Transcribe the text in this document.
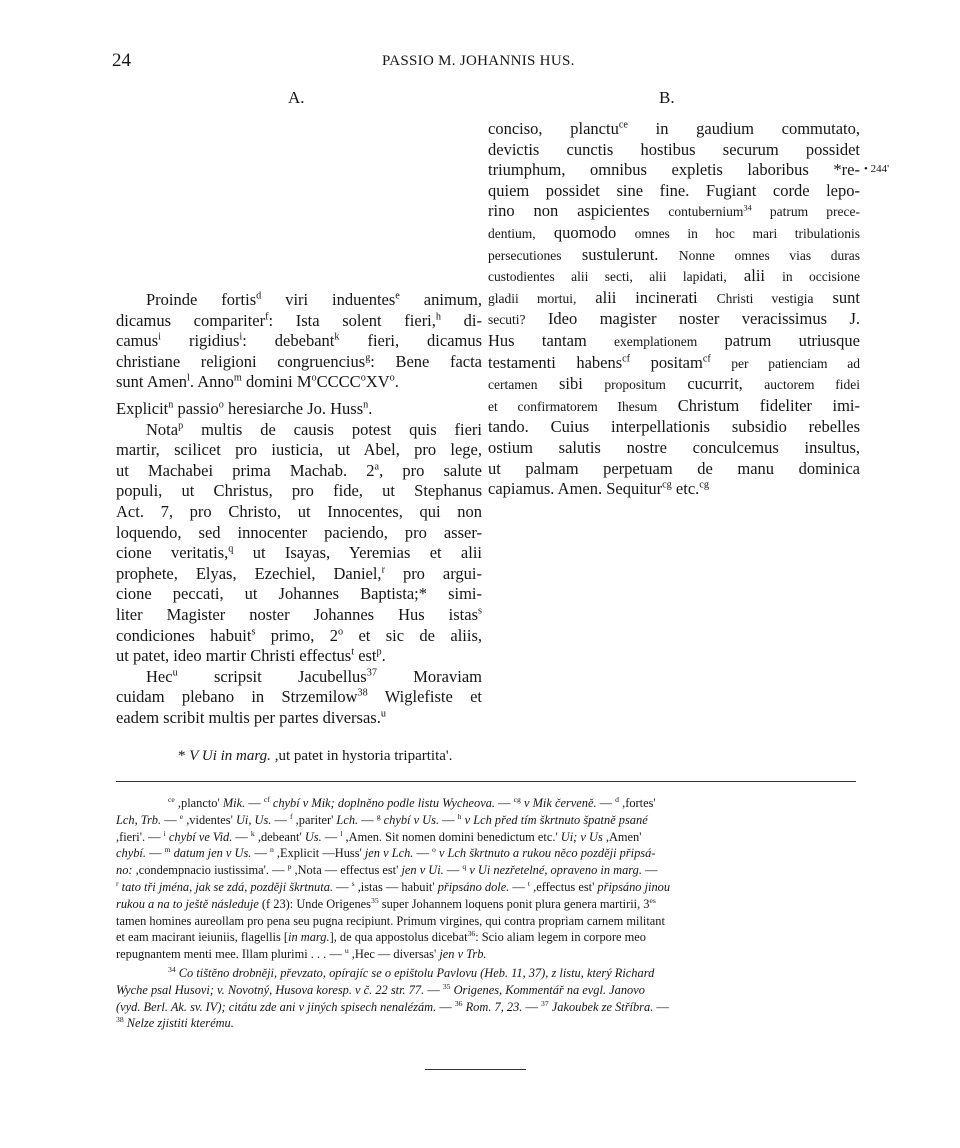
24	PASSIO M. JOHANNIS HUS.
A.	B.
Proinde fortis$^d$ viri induentes$^e$ animum,
dicamus compariter$^f$: Ista solent fieri,$^h$ di-
camus$^i$ rigidius$^i$: debebant$^k$ fieri, dicamus
christiane religioni congruencius$^g$: Bene facta
sunt Amen$^l$. Anno$^m$ domini $M^oCCCC^oXV^o$.
Explicit$^n$ passio$^o$ heresiarche Jo. Huss$^n$.
Nota$^p$ multis de causis potest quis fieri
martir, scilicet pro iusticia, ut Abel, pro lege,
ut Machabei prima Machab. 2$^a$, pro salute
populi, ut Christus, pro fide, ut Stephanus
Act. 7, pro Christo, ut Innocentes, qui non
loquendo, sed innocenter paciendo, pro asser-
cione veritatis,$^q$ ut Isayas, Yeremias et alii
prophete, Elyas, Ezechiel, Daniel,$^r$ pro argui-
cione peccati, ut Johannes Baptista;* simi-
liter Magister noster Johannes Hus istas$^s$
condiciones habuit$^s$ primo, 2$^o$ et sic de aliis,
ut patet, ideo martir Christi effectus$^t$ est$^p$.
Hec$^u$ scripsit Jacubellus$^{37}$ Moraviam
cuidam plebano in Strzemilow$^{38}$ Wiglefiste et
eadem scribit multis per partes diversas.$^u$
conciso, planctu$^{ce}$ in gaudium commutato,
devictis cunctis hostibus securum possidet
triumphum, omnibus expletis laboribus *re-
quiem possidet sine fine. Fugiant corde lepo-
rino non aspicientes contubernium$^{34}$ patrum prece-
dentium, quomodo omnes in hoc mari tribulationis
persecutiones sustulerunt. Nonne omnes vias duras
custodientes alii secti, alii lapidati, alii in occisione
gladii mortui, alii incinerati Christi vestigia sunt
secuti? Ideo magister noster veracissimus J.
Hus tantam exemplationem patrum utriusque
testamenti habens$^{cf}$ positam$^{cf}$ per patienciam ad
certamen sibi propositum cucurrit, auctorem fidei
et confirmatorem Ihesum Christum fideliter imi-
tando. Cuius interpellationis subsidio rebelles
ostium salutis nostre conculcemus insultus,
ut palmam perpetuam de manu dominica
capiamus. Amen. Sequitur$^{cg}$ etc.$^{cg}$
• 244'
* V Ui in marg. ,ut patet in hystoria tripartita'.
$^{ce}$ ,plancto' Mik. — $^{cf}$ chybí v Mik; doplněno podle listu Wycheova. — $^{cg}$ v Mik červeně. — $^d$ ,fortes'
Lch, Trb. — $^e$ ,videntes' Ui, Us. — $^f$ ,pariter' Lch. — $^g$ chybí v Us. — $^h$ v Lch před tím škrtnuto špatně psané
,fieri'. — $^i$ chybí ve Vid. — $^k$ ,debeant' Us. — $^l$ ,Amen. Sit nomen domini benedictum etc.' Ui; v Us ,Amen'
chybí. — $^m$ datum jen v Us. — $^n$ ,Explicit —Huss' jen v Lch. — $^o$ v Lch škrtnuto a rukou něco později připsá-
no: ,condempnacio iustissima'. — $^p$ ,Nota — effectus est' jen v Ui. — $^q$ v Ui nezřetelné, opraveno in marg. —
$^r$ tato tři jména, jak se zdá, později škrtnuta. — $^s$ ,istas — habuit' připsáno dole. — $^t$ ,effectus est' připsáno jinou
rukou a na to ještě následuje (f 23): Unde Origenes$^{35}$ super Johannem loquens ponit plura genera martirii, $3^{es}$
tamen homines aureollam pro pena seu pugna recipiunt. Primum virgines, qui contra propriam carnem militant
et eam macirant ieiuniis, flagellis [in marg.], de qua appostolus dicebat$^{36}$: Scio aliam legem in corpore meo
repugnantem menti mee. Illam plurimi . . . — $^u$ ,Hec — diversas' jen v Trb.
$^{34}$ Co tištěno drobněji, převzato, opírajíc se o epištolu Pavlovu (Heb. 11, 37), z listu, který Richard
Wyche psal Husovi; v. Novotný, Husova koresp. v č. 22 str. 77. — $^{35}$ Origenes, Kommentář na evgl. Janovo
(vyd. Berl. Ak. sv. IV); citátu zde ani v jiných spisech nenalézám. — $^{36}$ Rom. 7, 23. — $^{37}$ Jakoubek ze Stříbra. —
$^{38}$ Nelze zjistiti kterému.
